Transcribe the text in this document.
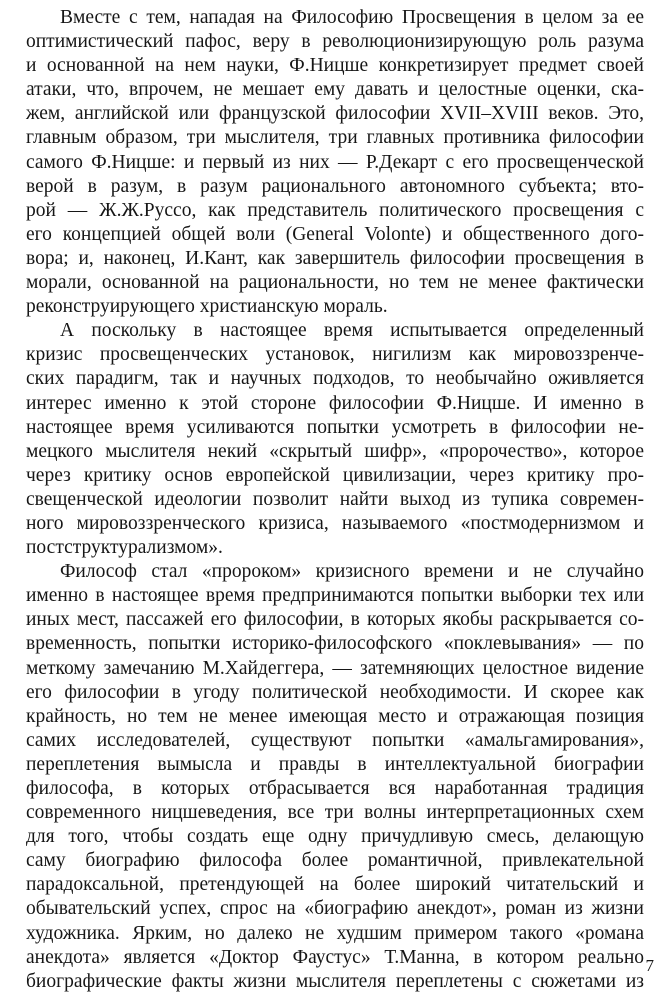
Вместе с тем, нападая на Философию Просвещения в целом за ее
оптимистический пафос, веру в революционизирующую роль разума
и основанной на нем науки, Ф.Ницше конкретизирует предмет своей
атаки, что, впрочем, не мешает ему давать и целостные оценки, ска-
жем, английской или французской философии XVII–XVIII веков. Это,
главным образом, три мыслителя, три главных противника философии
самого Ф.Ницше: и первый из них — Р.Декарт с его просвещенческой
верой в разум, в разум рационального автономного субъекта; вто-
рой — Ж.Ж.Руссо, как представитель политического просвещения с
его концепцией общей воли (General Volonte) и общественного дого-
вора; и, наконец, И.Кант, как завершитель философии просвещения в
морали, основанной на рациональности, но тем не менее фактически
реконструирующего христианскую мораль.

А поскольку в настоящее время испытывается определенный
кризис просвещенческих установок, нигилизм как мировоззренче-
ских парадигм, так и научных подходов, то необычайно оживляется
интерес именно к этой стороне философии Ф.Ницше. И именно в
настоящее время усиливаются попытки усмотреть в философии не-
мецкого мыслителя некий «скрытый шифр», «пророчество», которое
через критику основ европейской цивилизации, через критику про-
свещенческой идеологии позволит найти выход из тупика современ-
ного мировоззренческого кризиса, называемого «постмодернизмом и
постструктурализмом».

Философ стал «пророком» кризисного времени и не случайно
именно в настоящее время предпринимаются попытки выборки тех или
иных мест, пассажей его философии, в которых якобы раскрывается со-
временность, попытки историко-философского «поклевывания» — по
меткому замечанию М.Хайдеггера, — затемняющих целостное видение
его философии в угоду политической необходимости. И скорее как
крайность, но тем не менее имеющая место и отражающая позиция
самих исследователей, существуют попытки «амальгамирования»,
переплетения вымысла и правды в интеллектуальной биографии
философа, в которых отбрасывается вся наработанная традиция
современного ницшеведения, все три волны интерпретационных схем
для того, чтобы создать еще одну причудливую смесь, делающую
саму биографию философа более романтичной, привлекательной
парадоксальной, претендующей на более широкий читательский и
обывательский успех, спрос на «биографию анекдот», роман из жизни
художника. Ярким, но далеко не худшим примером такого «романа
анекдота» является «Доктор Фаустус» Т.Манна, в котором реально
биографические факты жизни мыслителя переплетены с сюжетами из

7
